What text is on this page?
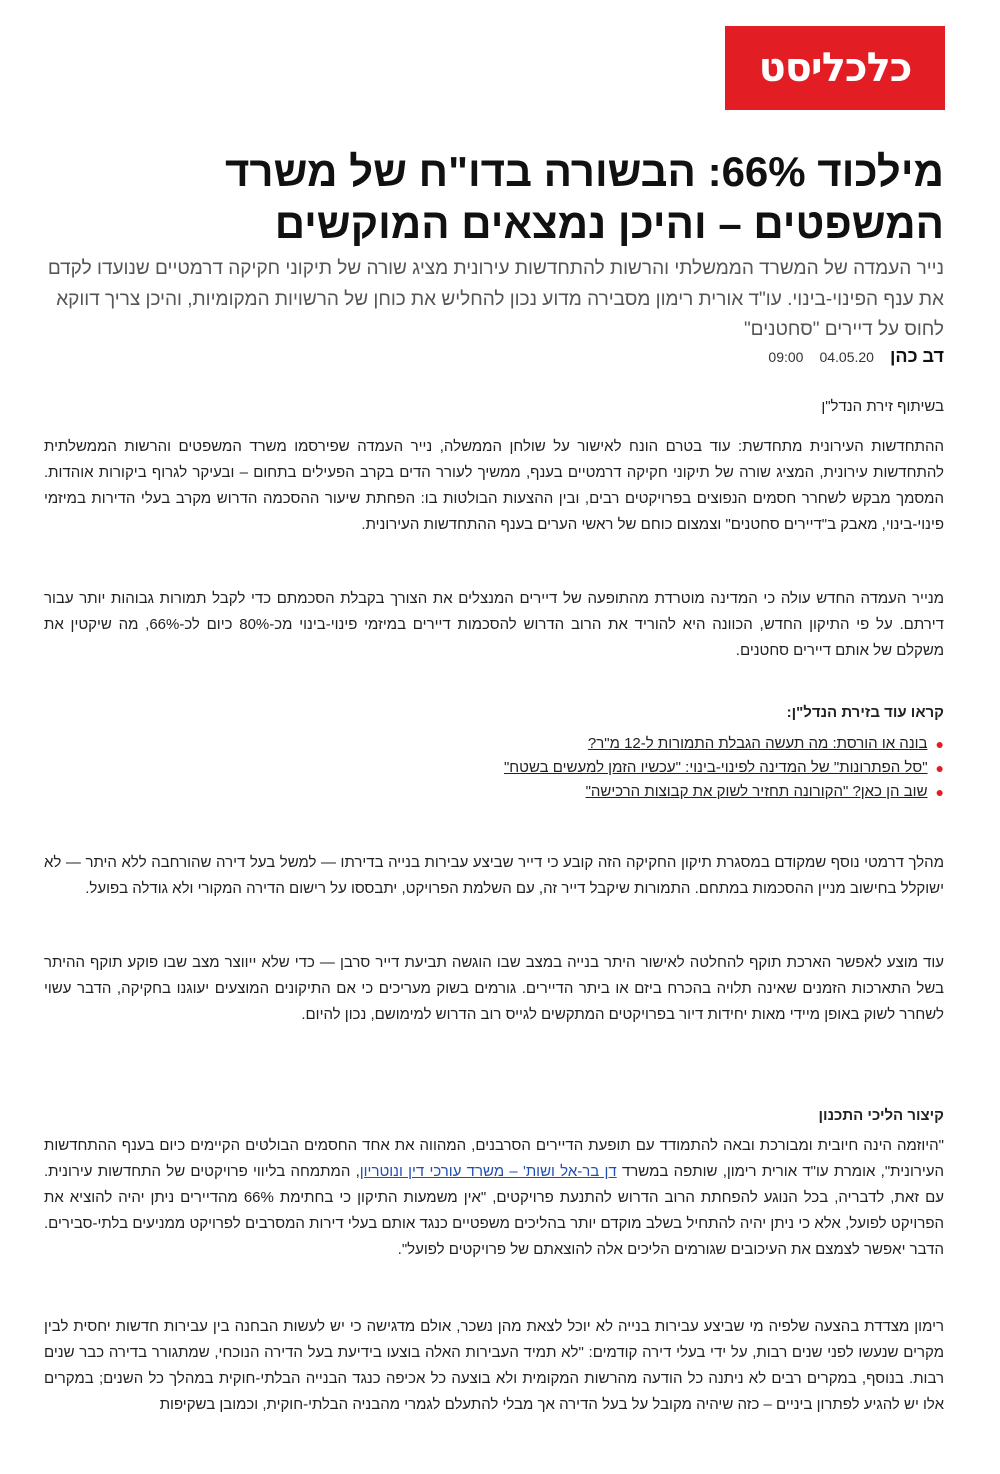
כלכליסט
מילכוד 66%: הבשורה בדו"ח של משרד המשפטים – והיכן נמצאים המוקשים

נייר העמדה של המשרד הממשלתי והרשות להתחדשות עירונית מציג שורה של תיקוני חקיקה דרמטיים שנועדו לקדם את ענף הפינוי-בינוי. עו"ד אורית רימון מסבירה מדוע נכון להחליש את כוחן של הרשויות המקומיות, והיכן צריך דווקא לחוס על דיירים "סחטנים"

דב כהן
04.05.20
09:00

בשיתוף זירת הנדל"ן

ההתחדשות העירונית מתחדשת: עוד בטרם הונח לאישור על שולחן הממשלה, נייר העמדה שפירסמו משרד המשפטים והרשות הממשלתית להתחדשות עירונית, המציג שורה של תיקוני חקיקה דרמטיים בענף, ממשיך לעורר הדים בקרב הפעילים בתחום – ובעיקר לגרוף ביקורות אוהדות. המסמך מבקש לשחרר חסמים הנפוצים בפרויקטים רבים, ובין ההצעות הבולטות בו: הפחתת שיעור ההסכמה הדרוש מקרב בעלי הדירות במיזמי פינוי-בינוי, מאבק ב"דיירים סחטנים" וצמצום כוחם של ראשי הערים בענף ההתחדשות העירונית.

מנייר העמדה החדש עולה כי המדינה מוטרדת מהתופעה של דיירים המנצלים את הצורך בקבלת הסכמתם כדי לקבל תמורות גבוהות יותר עבור דירתם. על פי התיקון החדש, הכוונה היא להוריד את הרוב הדרוש להסכמות דיירים במיזמי פינוי-בינוי מכ-80% כיום לכ-66%, מה שיקטין את משקלם של אותם דיירים סחטנים.

קראו עוד בזירת הנדל"ן:

●
בונה או הורסת: מה תעשה הגבלת התמורות ל-12 מ"ר?
●
"סל הפתרונות" של המדינה לפינוי-בינוי: "עכשיו הזמן למעשים בשטח"
●
שוב הן כאן? "הקורונה תחזיר לשוק את קבוצות הרכישה"

מהלך דרמטי נוסף שמקודם במסגרת תיקון החקיקה הזה קובע כי דייר שביצע עבירות בנייה בדירתו — למשל בעל דירה שהורחבה ללא היתר — לא ישוקלל בחישוב מניין ההסכמות במתחם. התמורות שיקבל דייר זה, עם השלמת הפרויקט, יתבססו על רישום הדירה המקורי ולא גודלה בפועל.

עוד מוצע לאפשר הארכת תוקף להחלטה לאישור היתר בנייה במצב שבו הוגשה תביעת דייר סרבן — כדי שלא ייווצר מצב שבו פוקע תוקף ההיתר בשל התארכות הזמנים שאינה תלויה בהכרח ביזם או ביתר הדיירים. גורמים בשוק מעריכים כי אם התיקונים המוצעים יעוגנו בחקיקה, הדבר עשוי לשחרר לשוק באופן מיידי מאות יחידות דיור בפרויקטים המתקשים לגייס רוב הדרוש למימושם, נכון להיום.

קיצור הליכי התכנון

"היוזמה הינה חיובית ומבורכת ובאה להתמודד עם תופעת הדיירים הסרבנים, המהווה את אחד החסמים הבולטים הקיימים כיום בענף ההתחדשות העירונית", אומרת עו"ד אורית רימון, שותפה במשרד דן בר-אל ושות' – משרד עורכי דין ונוטריון, המתמחה בליווי פרויקטים של התחדשות עירונית. עם זאת, לדבריה, בכל הנוגע להפחתת הרוב הדרוש להתנעת פרויקטים, "אין משמעות התיקון כי בחתימת 66% מהדיירים ניתן יהיה להוציא את הפרויקט לפועל, אלא כי ניתן יהיה להתחיל בשלב מוקדם יותר בהליכים משפטיים כנגד אותם בעלי דירות המסרבים לפרויקט ממניעים בלתי-סבירים. הדבר יאפשר לצמצם את העיכובים שגורמים הליכים אלה להוצאתם של פרויקטים לפועל".

רימון מצדדת בהצעה שלפיה מי שביצע עבירות בנייה לא יוכל לצאת מהן נשכר, אולם מדגישה כי יש לעשות הבחנה בין עבירות חדשות יחסית לבין מקרים שנעשו לפני שנים רבות, על ידי בעלי דירה קודמים: "לא תמיד העבירות האלה בוצעו בידיעת בעל הדירה הנוכחי, שמתגורר בדירה כבר שנים רבות. בנוסף, במקרים רבים לא ניתנה כל הודעה מהרשות המקומית ולא בוצעה כל אכיפה כנגד הבנייה הבלתי-חוקית במהלך כל השנים; במקרים אלו יש להגיע לפתרון ביניים – כזה שיהיה מקובל על בעל הדירה אך מבלי להתעלם לגמרי מהבניה הבלתי-חוקית, וכמובן בשקיפות
